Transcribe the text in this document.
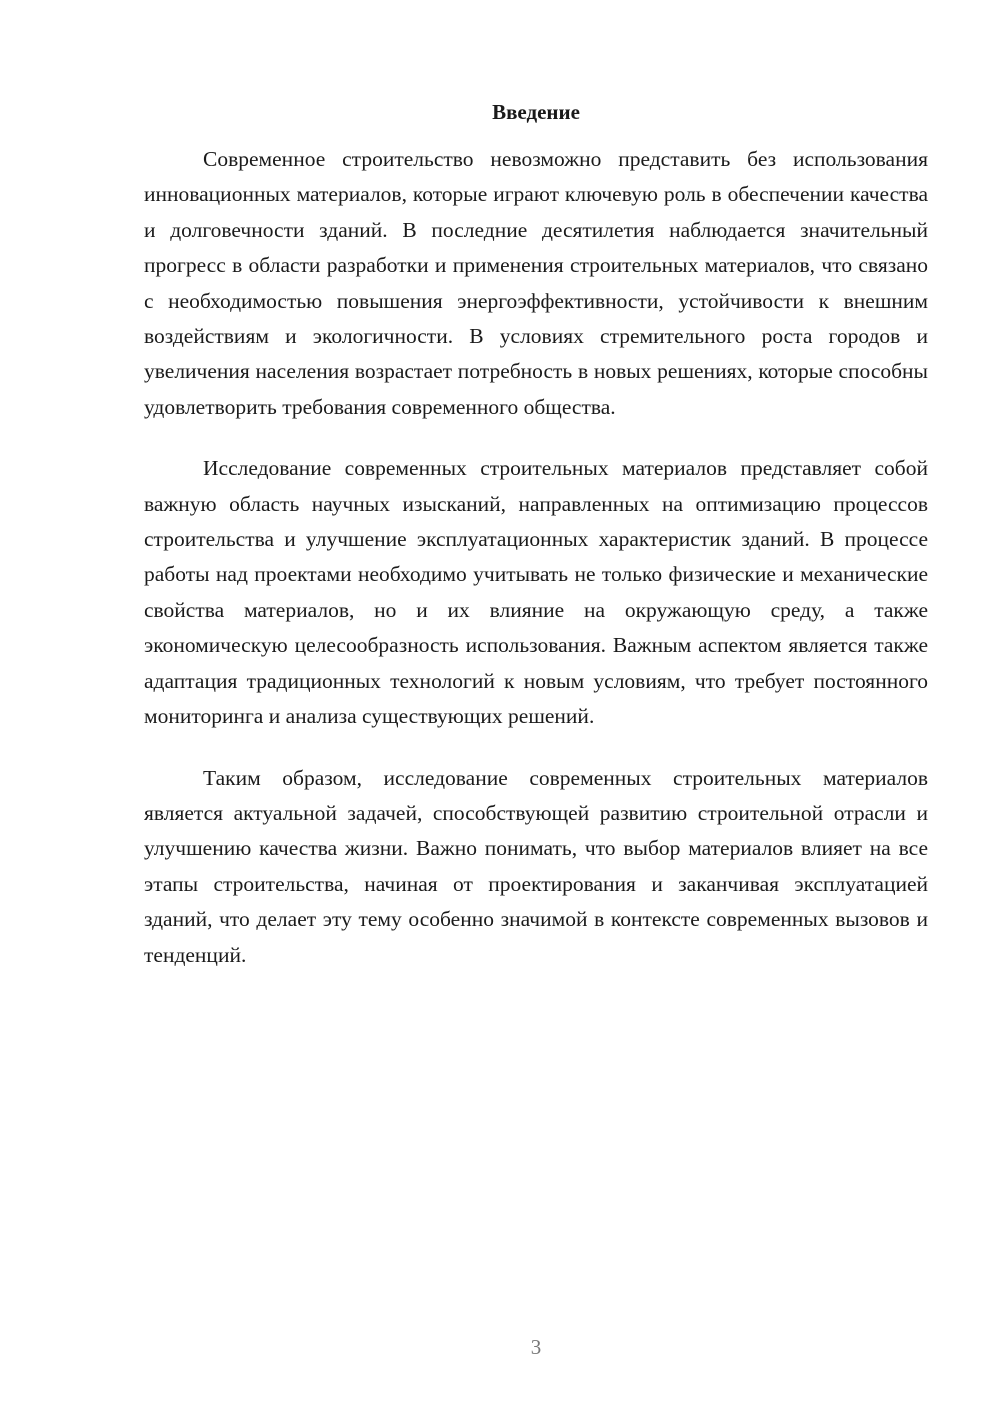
Введение

Современное строительство невозможно представить без использования инновационных материалов, которые играют ключевую роль в обеспечении качества и долговечности зданий. В последние десятилетия наблюдается значительный прогресс в области разработки и применения строительных материалов, что связано с необходимостью повышения энергоэффективности, устойчивости к внешним воздействиям и экологичности. В условиях стремительного роста городов и увеличения населения возрастает потребность в новых решениях, которые способны удовлетворить требования современного общества.

Исследование современных строительных материалов представляет собой важную область научных изысканий, направленных на оптимизацию процессов строительства и улучшение эксплуатационных характеристик зданий. В процессе работы над проектами необходимо учитывать не только физические и механические свойства материалов, но и их влияние на окружающую среду, а также экономическую целесообразность использования. Важным аспектом является также адаптация традиционных технологий к новым условиям, что требует постоянного мониторинга и анализа существующих решений.

Таким образом, исследование современных строительных материалов является актуальной задачей, способствующей развитию строительной отрасли и улучшению качества жизни. Важно понимать, что выбор материалов влияет на все этапы строительства, начиная от проектирования и заканчивая эксплуатацией зданий, что делает эту тему особенно значимой в контексте современных вызовов и тенденций.

3
